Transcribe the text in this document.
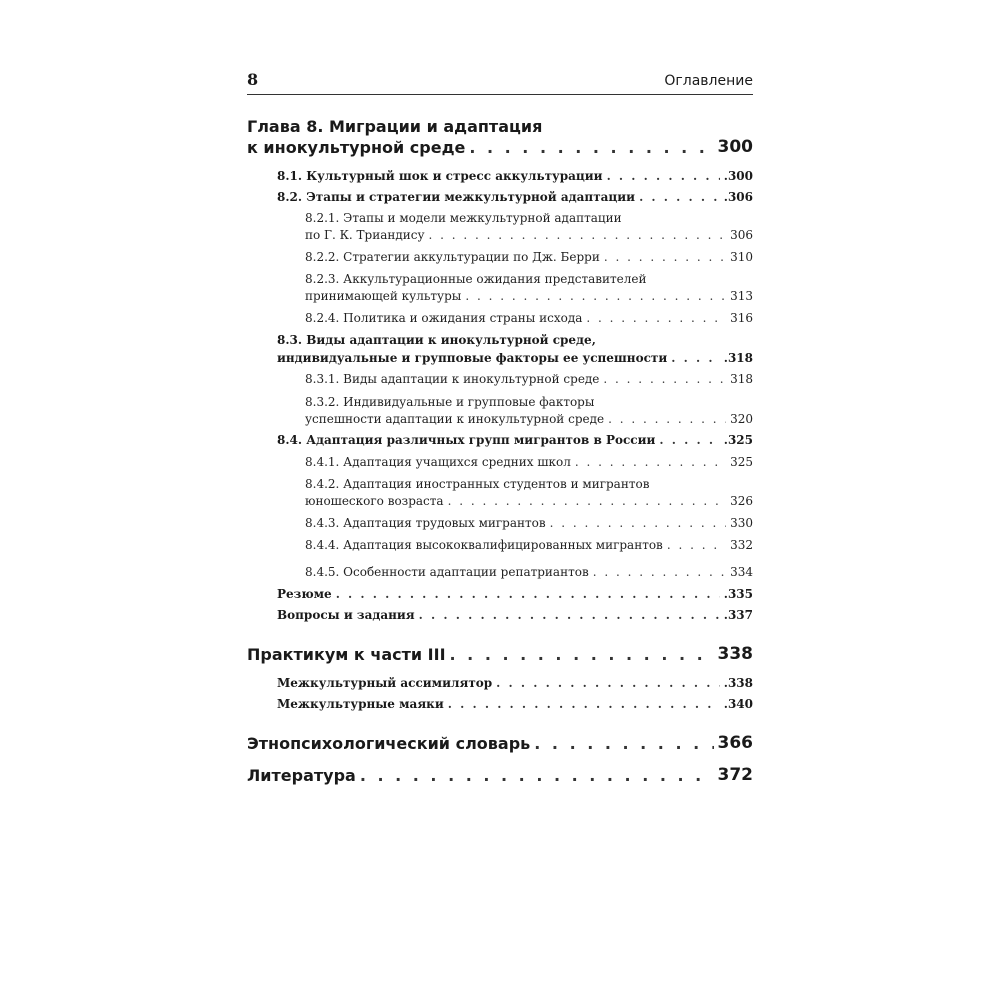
8	Оглавление
Глава 8. Миграции и адаптация
к инокультурной среде . . .	300
8.1. Культурный шок и стресс аккультурации . . .	.300
8.2. Этапы и стратегии межкультурной адаптации . . .	.306
8.2.1. Этапы и модели межкультурной адаптации
по Г. К. Триандису . . .	306
8.2.2. Стратегии аккультурации по Дж. Берри . . .	310
8.2.3. Аккультурационные ожидания представителей
принимающей культуры . . .	313
8.2.4. Политика и ожидания страны исхода . . .	316
8.3. Виды адаптации к инокультурной среде,
индивидуальные и групповые факторы ее успешности . . .	.318
8.3.1. Виды адаптации к инокультурной среде . . .	318
8.3.2. Индивидуальные и групповые факторы
успешности адаптации к инокультурной среде . . .	320
8.4. Адаптация различных групп мигрантов в России . . .	.325
8.4.1. Адаптация учащихся средних школ . . .	325
8.4.2. Адаптация иностранных студентов и мигрантов
юношеского возраста . . .	326
8.4.3. Адаптация трудовых мигрантов . . .	330
8.4.4. Адаптация высококвалифицированных мигрантов . . .	332
8.4.5. Особенности адаптации репатриантов . . .	334
Резюме . . .	.335
Вопросы и задания . . .	.337
Практикум к части III . . .	338
Межкультурный ассимилятор . . .	.338
Межкультурные маяки . . .	.340
Этнопсихологический словарь . . .	366
Литература . . .	372
